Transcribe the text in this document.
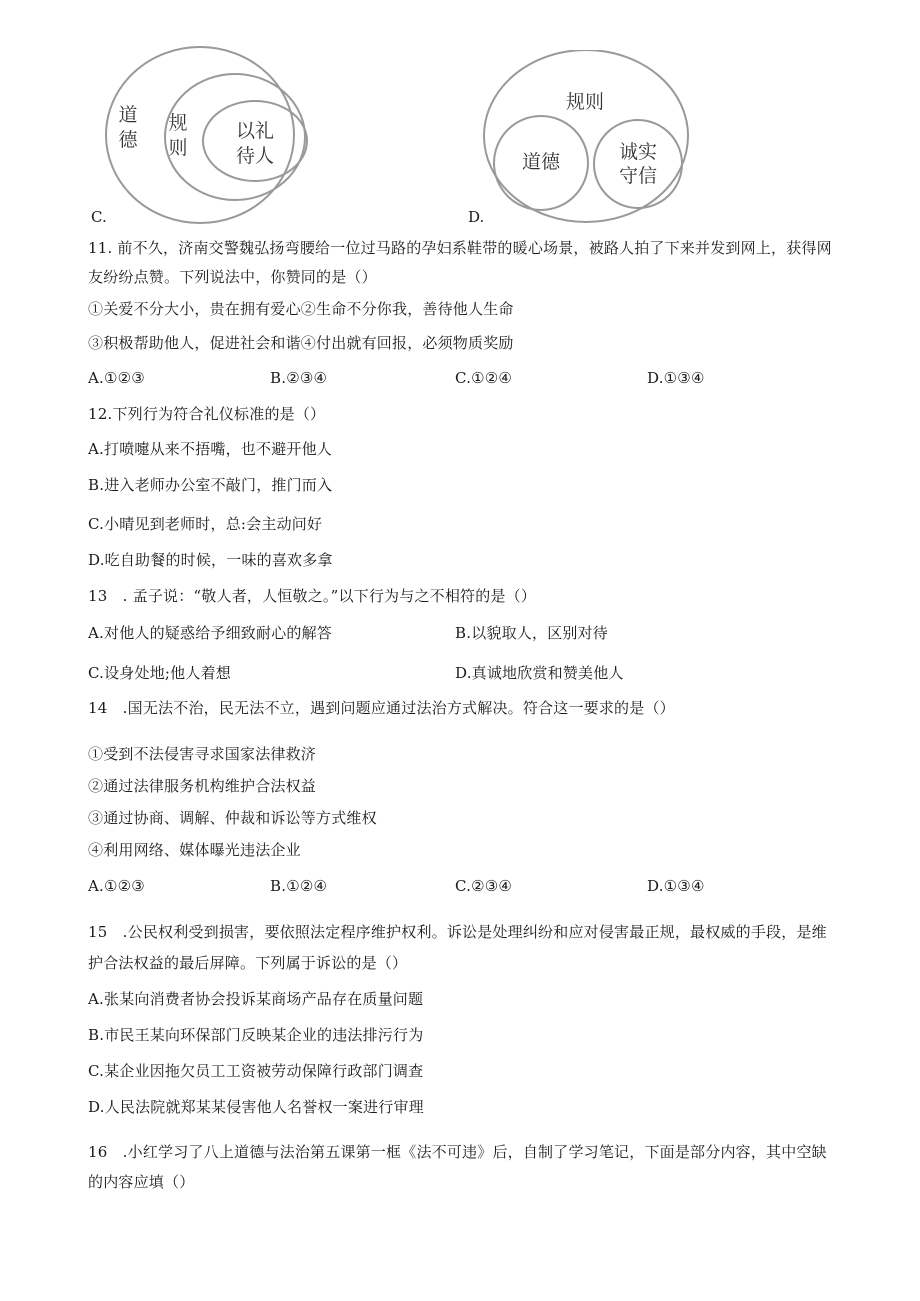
道
德
规
则
以礼
待人
C.
规则
道德	诚实
守信
D.
11. 前不久，济南交警魏弘扬弯腰给一位过马路的孕妇系鞋带的暖心场景，被路人拍了下来并发到网上，获得网
友纷纷点赞。下列说法中，你赞同的是（）
①关爱不分大小，贵在拥有爱心②生命不分你我，善待他人生命
③积极帮助他人，促进社会和谐④付出就有回报，必须物质奖励
A.①②③	B.②③④	C.①②④	D.①③④
12.下列行为符合礼仪标准的是（）
A.打喷嚏从来不捂嘴，也不避开他人
B.进入老师办公室不敲门，推门而入
C.小晴见到老师时，总:会主动问好
D.吃自助餐的时候，一味的喜欢多拿
13　. 孟子说：“敬人者，人恒敬之。”以下行为与之不相符的是（）
A.对他人的疑惑给予细致耐心的解答	B.以貌取人，区别对待
C.设身处地;他人着想	D.真诚地欣赏和赞美他人
14　.国无法不治，民无法不立，遇到问题应通过法治方式解决。符合这一要求的是（）
①受到不法侵害寻求国家法律救济
②通过法律服务机构维护合法权益
③通过协商、调解、仲裁和诉讼等方式维权
④利用网络、媒体曝光违法企业
A.①②③	B.①②④	C.②③④	D.①③④
15　.公民权利受到损害，要依照法定程序维护权利。诉讼是处理纠纷和应对侵害最正规，最权威的手段，是维
护合法权益的最后屏障。下列属于诉讼的是（）
A.张某向消费者协会投诉某商场产品存在质量问题
B.市民王某向环保部门反映某企业的违法排污行为
C.某企业因拖欠员工工资被劳动保障行政部门调查
D.人民法院就郑某某侵害他人名誉权一案进行审理
16　.小红学习了八上道德与法治第五课第一框《法不可违》后，自制了学习笔记，下面是部分内容，其中空缺
的内容应填（）
